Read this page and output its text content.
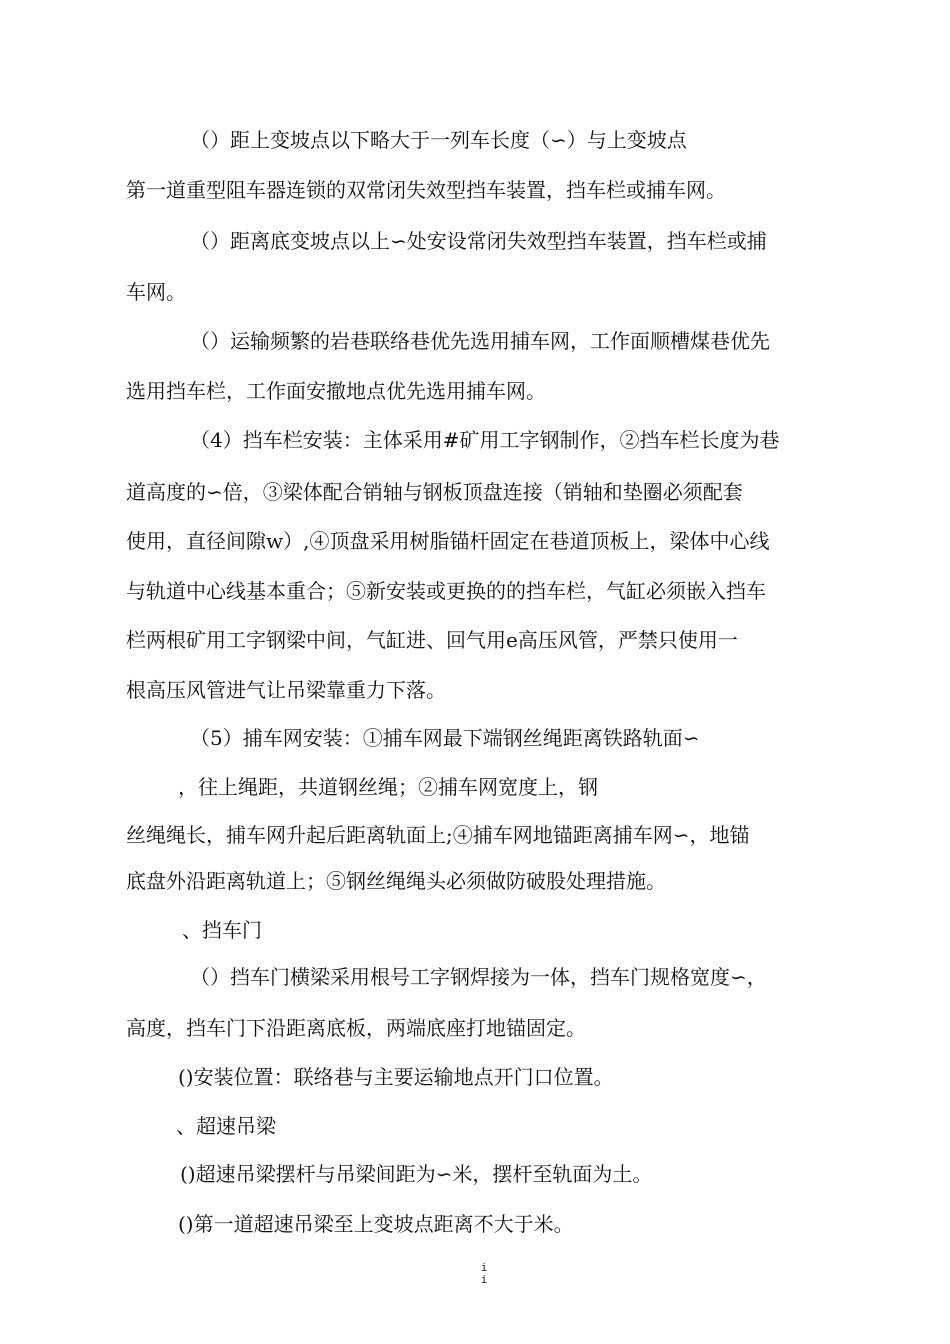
（）距上变坡点以下略大于一列车长度（∽）与上变坡点
第一道重型阻车器连锁的双常闭失效型挡车装置，挡车栏或捕车网。
（）距离底变坡点以上∽处安设常闭失效型挡车装置，挡车栏或捕
车网。
（）运输频繁的岩巷联络巷优先选用捕车网，工作面顺槽煤巷优先
选用挡车栏，工作面安撤地点优先选用捕车网。
（4）挡车栏安装：主体采用#矿用工字钢制作，②挡车栏长度为巷
道高度的∽倍，③梁体配合销轴与钢板顶盘连接（销轴和垫圈必须配套
使用，直径间隙w）,④顶盘采用树脂锚杆固定在巷道顶板上，梁体中心线
与轨道中心线基本重合；⑤新安装或更换的的挡车栏，气缸必须嵌入挡车
栏两根矿用工字钢梁中间，气缸进、回气用e高压风管，严禁只使用一
根高压风管进气让吊梁靠重力下落。
（5）捕车网安装：①捕车网最下端钢丝绳距离铁路轨面∽
，往上绳距，共道钢丝绳；②捕车网宽度上，钢
丝绳绳长，捕车网升起后距离轨面上;④捕车网地锚距离捕车网∽，地锚
底盘外沿距离轨道上；⑤钢丝绳绳头必须做防破股处理措施。
、挡车门
（）挡车门横梁采用根号工字钢焊接为一体，挡车门规格宽度∽，
高度，挡车门下沿距离底板，两端底座打地锚固定。
()安装位置：联络巷与主要运输地点开门口位置。
、超速吊梁
()超速吊梁摆杆与吊梁间距为∽米，摆杆至轨面为土。
()第一道超速吊梁至上变坡点距离不大于米。
i
i
